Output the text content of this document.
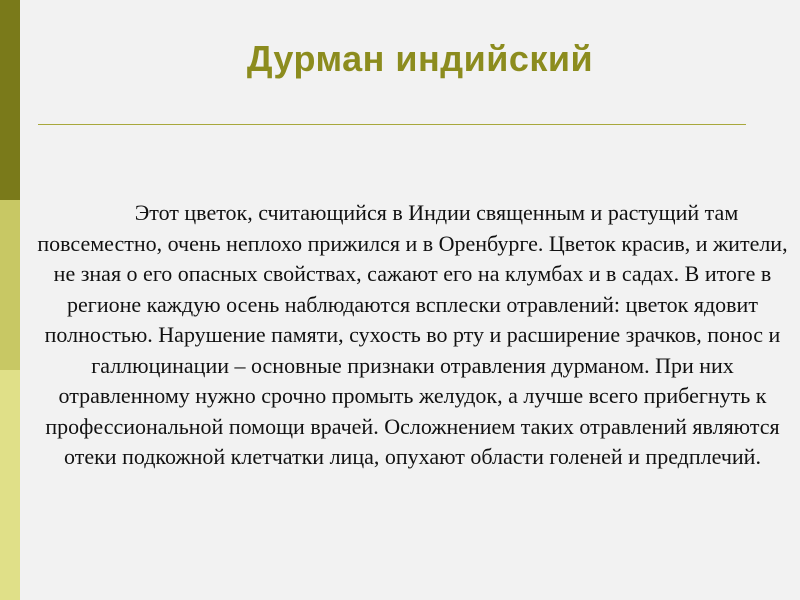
Дурман индийский
Этот цветок, считающийся в Индии священным и растущий там повсеместно, очень неплохо прижился и в Оренбурге. Цветок красив, и жители, не зная о его опасных свойствах, сажают его на клумбах и в садах. В итоге в регионе каждую осень наблюдаются всплески отравлений: цветок ядовит полностью. Нарушение памяти, сухость во рту и расширение зрачков, понос и галлюцинации – основные признаки отравления дурманом. При них отравленному нужно срочно промыть желудок, а лучше всего прибегнуть к профессиональной помощи врачей. Осложнением таких отравлений являются отеки подкожной клетчатки лица, опухают области голеней и предплечий.
